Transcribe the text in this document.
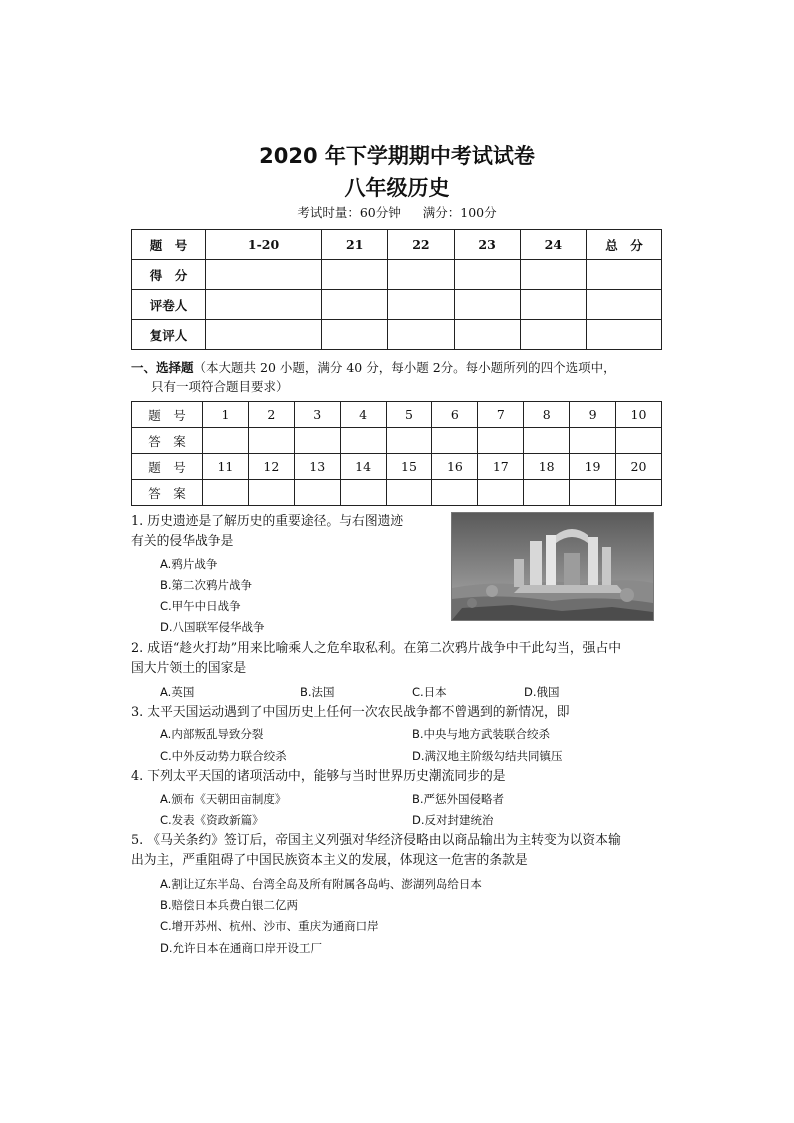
2020 年下学期期中考试试卷
八年级历史
考试时量：60分钟 满分：100分
题　号	1-20	21	22	23	24	总　分
得　分						
评卷人						
复评人						
一、选择题（本大题共 20 小题，满分 40 分，每小题 2分。每小题所列的四个选项中，
只有一项符合题目要求）
题　号	1	2	3	4	5	6	7	8	9	10
答　案										
题　号	11	12	13	14	15	16	17	18	19	20
答　案										
1. 历史遗迹是了解历史的重要途径。与右图遗迹
有关的侵华战争是
A.鸦片战争
B.第二次鸦片战争
C.甲午中日战争
D.八国联军侵华战争
2. 成语“趁火打劫”用来比喻乘人之危牟取私利。在第二次鸦片战争中干此勾当，强占中
国大片领土的国家是
A.英国	B.法国	C.日本	D.俄国
3. 太平天国运动遇到了中国历史上任何一次农民战争都不曾遇到的新情况，即
A.内部叛乱导致分裂	B.中央与地方武装联合绞杀
C.中外反动势力联合绞杀	D.满汉地主阶级勾结共同镇压
4. 下列太平天国的诸项活动中，能够与当时世界历史潮流同步的是
A.颁布《天朝田亩制度》	B.严惩外国侵略者
C.发表《资政新篇》	D.反对封建统治
5. 《马关条约》签订后，帝国主义列强对华经济侵略由以商品输出为主转变为以资本输
出为主，严重阻碍了中国民族资本主义的发展，体现这一危害的条款是
A.割让辽东半岛、台湾全岛及所有附属各岛屿、澎湖列岛给日本
B.赔偿日本兵费白银二亿两
C.增开苏州、杭州、沙市、重庆为通商口岸
D.允许日本在通商口岸开设工厂
